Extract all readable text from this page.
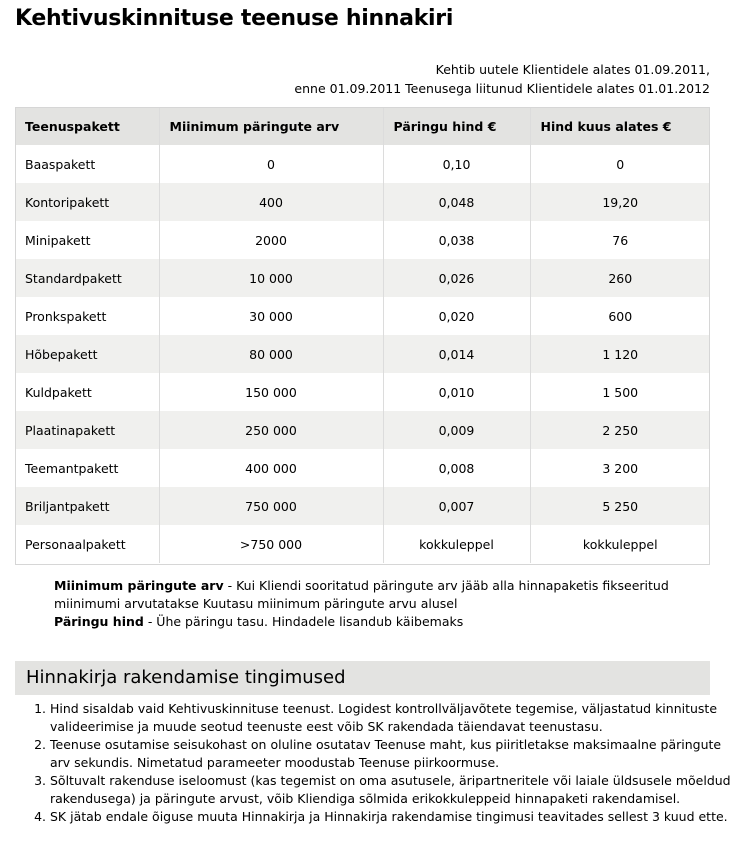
Kehtivuskinnituse teenuse hinnakiri
Kehtib uutele Klientidele alates 01.09.2011,
enne 01.09.2011 Teenusega liitunud Klientidele alates 01.01.2012
Teenuspakett	Miinimum päringute arv	Päringu hind €	Hind kuus alates €
Baaspakett	0	0,10	0
Kontoripakett	400	0,048	19,20
Minipakett	2000	0,038	76
Standardpakett	10 000	0,026	260
Pronkspakett	30 000	0,020	600
Hõbepakett	80 000	0,014	1 120
Kuldpakett	150 000	0,010	1 500
Plaatinapakett	250 000	0,009	2 250
Teemantpakett	400 000	0,008	3 200
Briljantpakett	750 000	0,007	5 250
Personaalpakett	>750 000	kokkuleppel	kokkuleppel

Miinimum päringute arv - Kui Kliendi sooritatud päringute arv jääb alla hinnapaketis fikseeritud miinimumi arvutatakse Kuutasu miinimum päringute arvu alusel

Päringu hind - Ühe päringu tasu. Hindadele lisandub käibemaks

Hinnakirja rakendamise tingimused
1. Hind sisaldab vaid Kehtivuskinnituse teenust. Logidest kontrollväljavõtete tegemise, väljastatud kinnituste valideerimise ja muude seotud teenuste eest võib SK rakendada täiendavat teenustasu.
2. Teenuse osutamise seisukohast on oluline osutatav Teenuse maht, kus piiritletakse maksimaalne päringute arv sekundis. Nimetatud parameeter moodustab Teenuse piirkoormuse.
3. Sõltuvalt rakenduse iseloomust (kas tegemist on oma asutusele, äripartneritele või laiale üldsusele mõeldud rakendusega) ja päringute arvust, võib Kliendiga sõlmida erikokkuleppeid hinnapaketi rakendamisel.
4. SK jätab endale õiguse muuta Hinnakirja ja Hinnakirja rakendamise tingimusi teavitades sellest 3 kuud ette.
